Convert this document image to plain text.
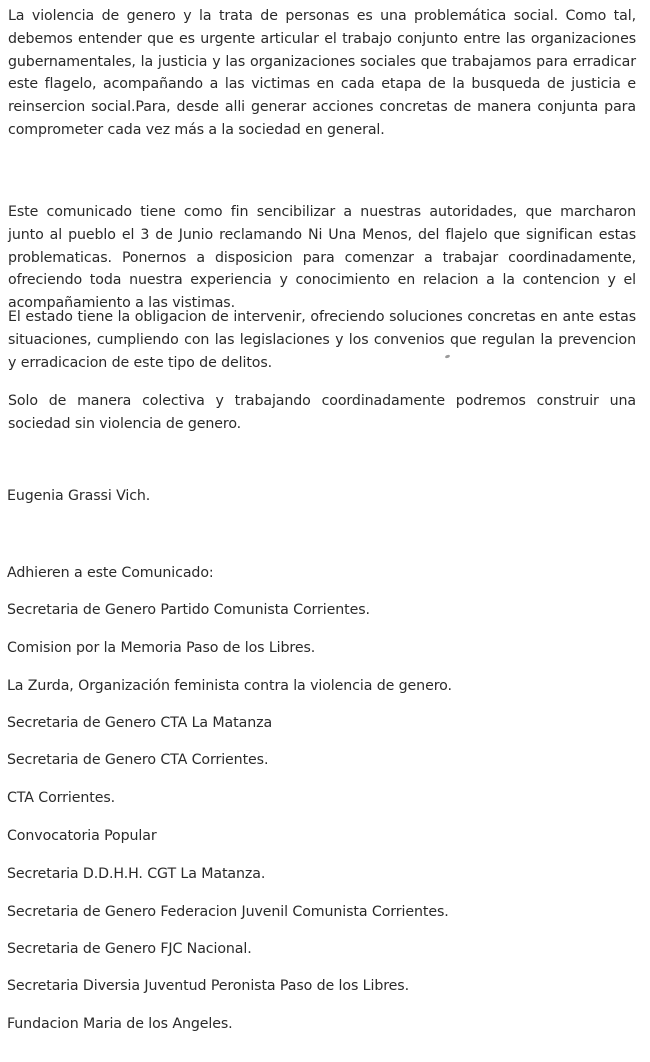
La violencia de genero y la trata de personas es una problemática social. Como tal, debemos entender que es urgente articular el trabajo conjunto entre las organizaciones gubernamentales, la justicia y las organizaciones sociales que trabajamos para erradicar este flagelo, acompañando a las victimas en cada etapa de la busqueda de justicia e reinsercion social.Para, desde alli generar acciones concretas de manera conjunta para comprometer cada vez más a la sociedad en general.

Este comunicado tiene como fin sencibilizar a nuestras autoridades, que marcharon junto al pueblo el 3 de Junio reclamando Ni Una Menos, del flajelo que significan estas problematicas. Ponernos a disposicion para comenzar a trabajar coordinadamente, ofreciendo toda nuestra experiencia y conocimiento en relacion a la contencion y el acompañamiento a las vistimas.

El estado tiene la obligacion de intervenir, ofreciendo soluciones concretas en ante estas situaciones, cumpliendo con las legislaciones y los convenios que regulan la prevencion y erradicacion de este tipo de delitos.

Solo de manera colectiva y trabajando coordinadamente podremos construir una sociedad sin violencia de genero.

Eugenia Grassi Vich.

Adhieren a este Comunicado:

Secretaria de Genero Partido Comunista Corrientes.

Comision por la Memoria Paso de los Libres.

La Zurda, Organización feminista contra la violencia de genero.

Secretaria de Genero CTA La Matanza

Secretaria de Genero CTA Corrientes.

CTA Corrientes.

Convocatoria Popular

Secretaria D.D.H.H. CGT La Matanza.

Secretaria de Genero Federacion Juvenil Comunista Corrientes.

Secretaria de Genero FJC Nacional.

Secretaria Diversia Juventud Peronista Paso de los Libres.

Fundacion Maria de los Angeles.
